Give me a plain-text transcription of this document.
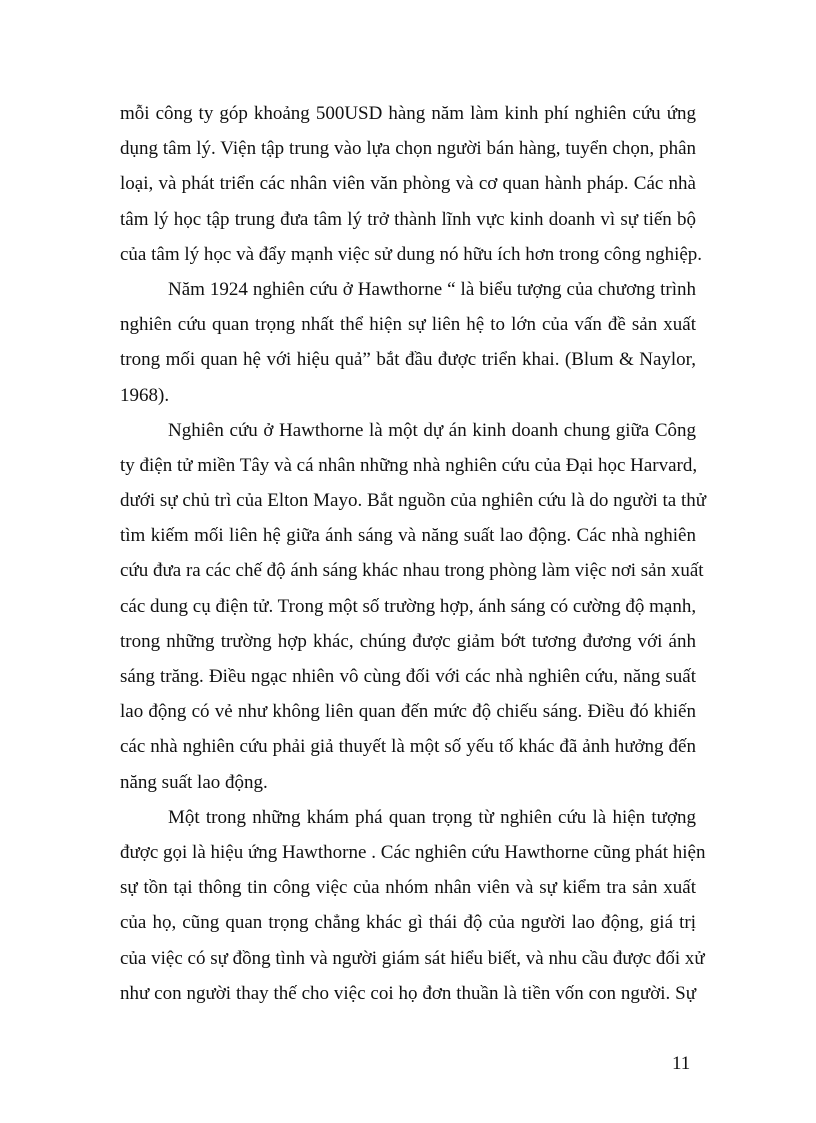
mỗi công ty góp khoảng 500USD hàng năm làm kinh phí nghiên cứu ứng
dụng tâm lý. Viện tập trung vào lựa chọn người bán hàng, tuyển chọn, phân
loại, và phát triển các nhân viên văn phòng và cơ quan hành pháp. Các nhà
tâm lý học tập trung đưa tâm lý trở thành lĩnh vực kinh doanh vì sự tiến bộ
của tâm lý học và đẩy mạnh việc sử dung nó hữu ích hơn trong công nghiệp.
Năm 1924 nghiên cứu ở Hawthorne “ là biểu tượng của chương trình
nghiên cứu quan trọng nhất thể hiện sự liên hệ to lớn của vấn đề sản xuất
trong mối quan hệ với hiệu quả” bắt đầu được triển khai. (Blum & Naylor,
1968).
Nghiên cứu ở Hawthorne là một dự án kinh doanh chung giữa Công
ty điện tử miền Tây và cá nhân những nhà nghiên cứu của Đại học Harvard,
dưới sự chủ trì của Elton Mayo. Bắt nguồn của nghiên cứu là do người ta thử
tìm kiếm mối liên hệ giữa ánh sáng và năng suất lao động. Các nhà nghiên
cứu đưa ra các chế độ ánh sáng khác nhau trong phòng làm việc nơi sản xuất
các dung cụ điện tử. Trong một số trường hợp, ánh sáng có cường độ mạnh,
trong những trường hợp khác, chúng được giảm bớt tương đương với ánh
sáng trăng. Điều ngạc nhiên vô cùng đối với các nhà nghiên cứu, năng suất
lao động có vẻ như không liên quan đến mức độ chiếu sáng. Điều đó khiến
các nhà nghiên cứu phải giả thuyết là một số yếu tố khác đã ảnh hưởng đến
năng suất lao động.
Một trong những khám phá quan trọng từ nghiên cứu là hiện tượng
được gọi là hiệu ứng Hawthorne . Các nghiên cứu Hawthorne cũng phát hiện
sự tồn tại thông tin công việc của nhóm nhân viên và sự kiểm tra sản xuất
của họ, cũng quan trọng chẳng khác gì thái độ của người lao động, giá trị
của việc có sự đồng tình và người giám sát hiểu biết, và nhu cầu được đối xử
như con người thay thế cho việc coi họ đơn thuần là tiền vốn con người. Sự
11
